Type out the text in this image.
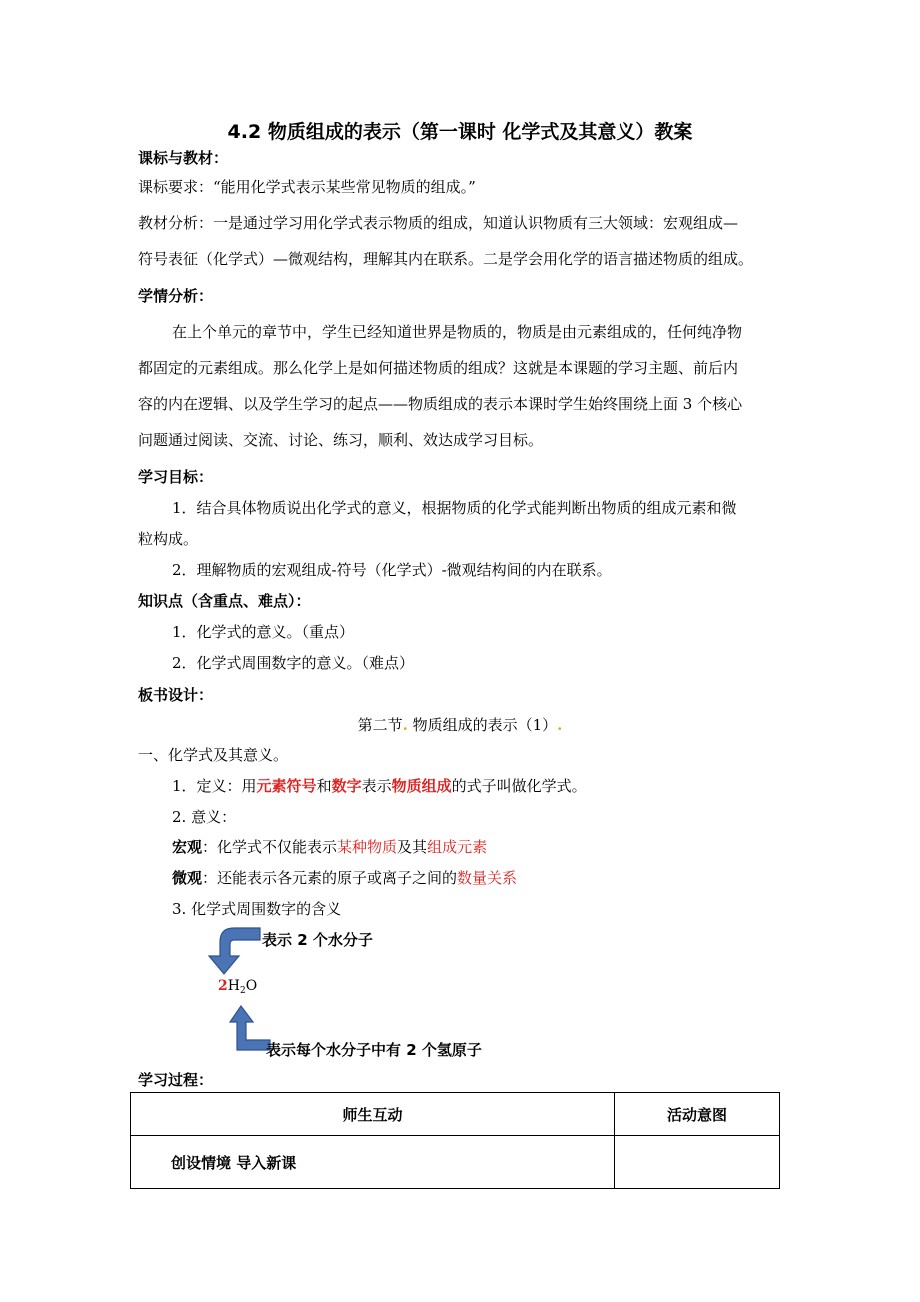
4.2 物质组成的表示（第一课时 化学式及其意义）教案
课标与教材：
课标要求：“能用化学式表示某些常见物质的组成。”
教材分析：一是通过学习用化学式表示物质的组成，知道认识物质有三大领域：宏观组成—
符号表征（化学式）—微观结构，理解其内在联系。二是学会用化学的语言描述物质的组成。
学情分析：
在上个单元的章节中，学生已经知道世界是物质的，物质是由元素组成的，任何纯净物
都固定的元素组成。那么化学上是如何描述物质的组成？这就是本课题的学习主题、前后内
容的内在逻辑、以及学生学习的起点——物质组成的表示本课时学生始终围绕上面 3 个核心
问题通过阅读、交流、讨论、练习，顺利、效达成学习目标。
学习目标：
1．结合具体物质说出化学式的意义，根据物质的化学式能判断出物质的组成元素和微
粒构成。
2．理解物质的宏观组成-符号（化学式）-微观结构间的内在联系。
知识点（含重点、难点）：
1．化学式的意义。（重点）
2．化学式周围数字的意义。（难点）
板书设计：
第二节. 物质组成的表示（1）.
一、化学式及其意义。
1．定义：用元素符号和数字表示物质组成的式子叫做化学式。
2. 意义：
宏观：化学式不仅能表示某种物质及其组成元素
微观：还能表示各元素的原子或离子之间的数量关系
3. 化学式周围数字的含义
表示 2 个水分子
$2H_2O$
表示每个水分子中有 2 个氢原子
学习过程：
师生互动	活动意图
创设情境 导入新课	
